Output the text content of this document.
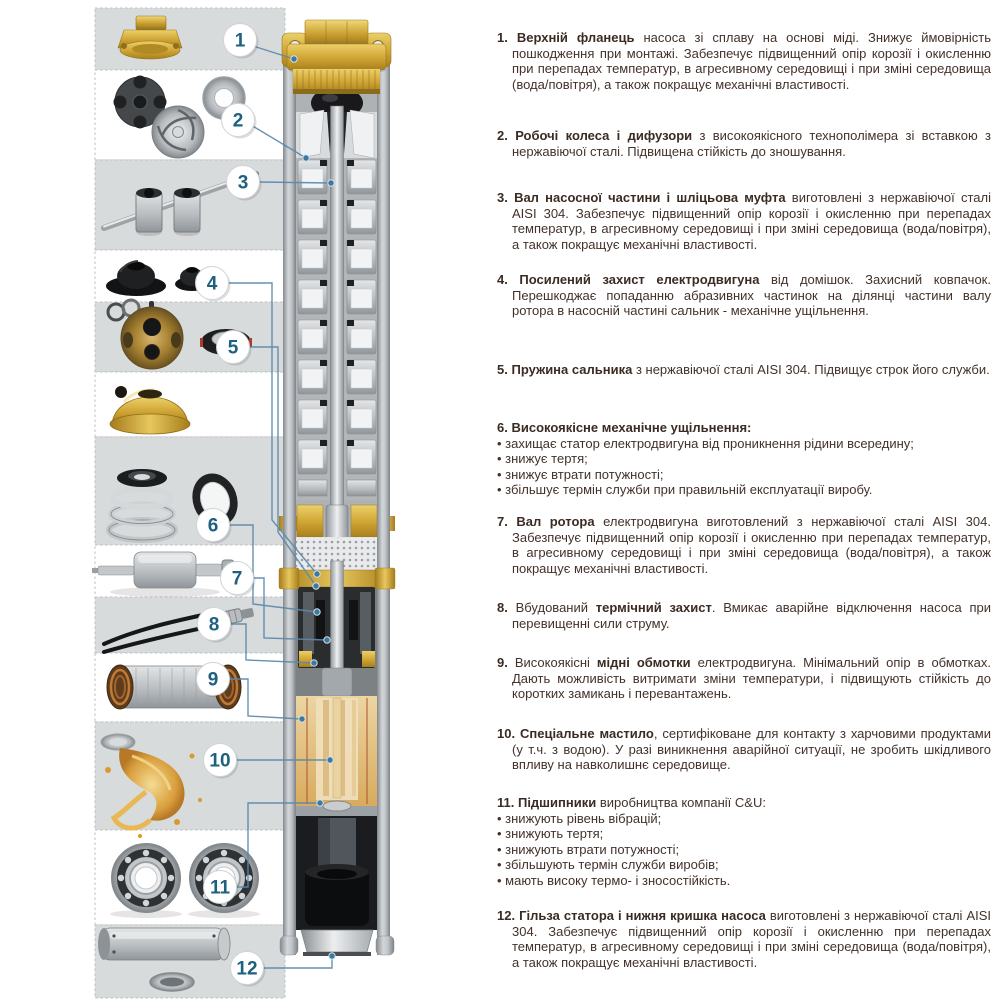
1
2
3
4
5
6
7
8
9
10
11
12

1. Верхній фланець насоса зі сплаву на основі міді. Знижує ймовірність пошкодження при монтажі. Забезпечує підвищенний опір корозії і окисленню при перепадах температур, в агресивному середовищі і при зміні середовища (вода/повітря), а також покращує механічні властивості.

2. Робочі колеса і дифузори з високоякісного технополімера зі вставкою з нержавіючої сталі. Підвищена стійкість до зношування.

3. Вал насосної частини і шліцьова муфта виготовлені з нержавіючої сталі AISI 304. Забезпечує підвищенний опір корозії і окисленню при перепадах температур, в агресивному середовищі і при зміні середовища (вода/повітря), а також покращує механічні властивості.

4. Посилений захист електродвигуна від домішок. Захисний ковпачок. Перешкоджає попаданню абразивних частинок на ділянці частини валу ротора в насосній частині сальник - механічне ущільнення.

5. Пружина сальника з нержавіючої сталі AISI 304. Підвищує строк його служби.

6. Високоякісне механічне ущільнення:

• захищає статор електродвигуна від проникнення рідини всередину;
• знижує тертя;
• знижує втрати потужності;
• збільшує термін служби при правильній експлуатації виробу.

7. Вал ротора електродвигуна виготовлений з нержавіючої сталі AISI 304. Забезпечує підвищенний опір корозії і окисленню при перепадах температур, в агресивному середовищі і при зміні середовища (вода/повітря), а також покращує механічні властивості.

8. Вбудований термічний захист. Вмикає аварійне відключення насоса при перевищенні сили струму.

9. Високоякісні мідні обмотки електродвигуна. Мінімальний опір в обмотках. Дають можливість витримати зміни температури, і підвищують стійкість до коротких замикань і перевантажень.

10. Спеціальне мастило, сертифіковане для контакту з харчовими продуктами (у т.ч. з водою). У разі виникнення аварійної ситуації, не зробить шкідливого впливу на навколишнє середовище.

11. Підшипники виробництва компанії C&U:

• знижують рівень вібрацій;
• знижують тертя;
• знижують втрати потужності;
• збільшують термін служби виробів;
• мають високу термо- і зносостійкість.

12. Гільза статора і нижня кришка насоса виготовлені з нержавіючої сталі AISI 304. Забезпечує підвищенний опір корозії і окисленню при перепадах температур, в агресивному середовищі і при зміні середовища (вода/повітря), а також покращує механічні властивості.
